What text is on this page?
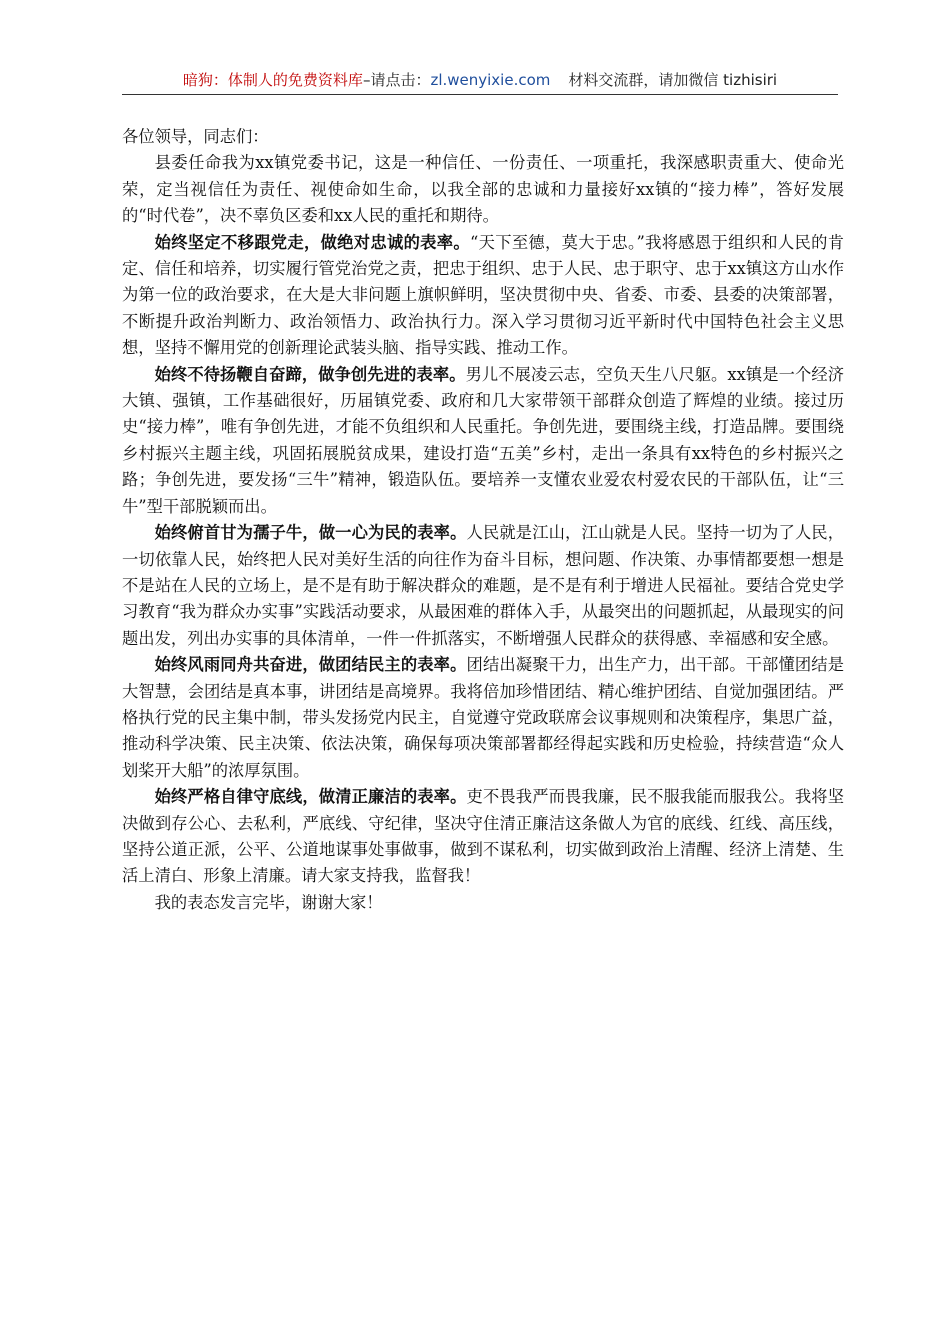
暗狗：体制人的免费资料库–请点击：zl.wenyixie.com 材料交流群，请加微信 tizhisiri

各位领导，同志们：

县委任命我为xx镇党委书记，这是一种信任、一份责任、一项重托，我深感职责重大、使命光荣，定当视信任为责任、视使命如生命，以我全部的忠诚和力量接好xx镇的“接力棒”，答好发展的“时代卷”，决不辜负区委和xx人民的重托和期待。

始终坚定不移跟党走，做绝对忠诚的表率。“天下至德，莫大于忠。”我将感恩于组织和人民的肯定、信任和培养，切实履行管党治党之责，把忠于组织、忠于人民、忠于职守、忠于xx镇这方山水作为第一位的政治要求，在大是大非问题上旗帜鲜明，坚决贯彻中央、省委、市委、县委的决策部署，不断提升政治判断力、政治领悟力、政治执行力。深入学习贯彻习近平新时代中国特色社会主义思想，坚持不懈用党的创新理论武装头脑、指导实践、推动工作。

始终不待扬鞭自奋蹄，做争创先进的表率。男儿不展凌云志，空负天生八尺躯。xx镇是一个经济大镇、强镇，工作基础很好，历届镇党委、政府和几大家带领干部群众创造了辉煌的业绩。接过历史“接力棒”，唯有争创先进，才能不负组织和人民重托。争创先进，要围绕主线，打造品牌。要围绕乡村振兴主题主线，巩固拓展脱贫成果，建设打造“五美”乡村，走出一条具有xx特色的乡村振兴之路；争创先进，要发扬“三牛”精神，锻造队伍。要培养一支懂农业爱农村爱农民的干部队伍，让“三牛”型干部脱颖而出。

始终俯首甘为孺子牛，做一心为民的表率。人民就是江山，江山就是人民。坚持一切为了人民，一切依靠人民，始终把人民对美好生活的向往作为奋斗目标，想问题、作决策、办事情都要想一想是不是站在人民的立场上，是不是有助于解决群众的难题，是不是有利于增进人民福祉。要结合党史学习教育“我为群众办实事”实践活动要求，从最困难的群体入手，从最突出的问题抓起，从最现实的问题出发，列出办实事的具体清单，一件一件抓落实，不断增强人民群众的获得感、幸福感和安全感。

始终风雨同舟共奋进，做团结民主的表率。团结出凝聚干力，出生产力，出干部。干部懂团结是大智慧，会团结是真本事，讲团结是高境界。我将倍加珍惜团结、精心维护团结、自觉加强团结。严格执行党的民主集中制，带头发扬党内民主，自觉遵守党政联席会议事规则和决策程序，集思广益，推动科学决策、民主决策、依法决策，确保每项决策部署都经得起实践和历史检验，持续营造“众人划桨开大船”的浓厚氛围。

始终严格自律守底线，做清正廉洁的表率。吏不畏我严而畏我廉，民不服我能而服我公。我将坚决做到存公心、去私利，严底线、守纪律，坚决守住清正廉洁这条做人为官的底线、红线、高压线，坚持公道正派，公平、公道地谋事处事做事，做到不谋私利，切实做到政治上清醒、经济上清楚、生活上清白、形象上清廉。请大家支持我，监督我！

我的表态发言完毕，谢谢大家！
